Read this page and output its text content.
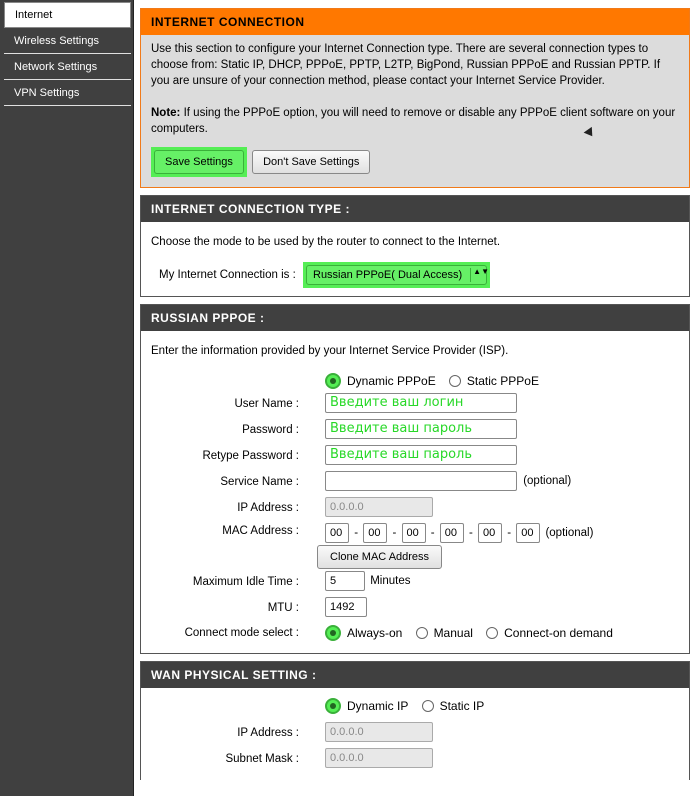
Internet
Wireless Settings
Network Settings
VPN Settings
INTERNET CONNECTION

Use this section to configure your Internet Connection type. There are several connection types to choose from: Static IP, DHCP, PPPoE, PPTP, L2TP, BigPond, Russian PPPoE and Russian PPTP. If you are unsure of your connection method, please contact your Internet Service Provider.

Note: If using the PPPoE option, you will need to remove or disable any PPPoE client software on your computers.

Save Settings	Don't Save Settings
INTERNET CONNECTION TYPE :

Choose the mode to be used by the router to connect to the Internet.

My Internet Connection is : Russian PPPoE( Dual Access)	▲▼
RUSSIAN PPPOE :

Enter the information provided by your Internet Service Provider (ISP).

Dynamic PPPoE	Static PPPoE
User Name :	Введите ваш логин
Password :	Введите ваш пароль
Retype Password :	Введите ваш пароль
Service Name :	(optional)
IP Address :	0.0.0.0
MAC Address :	00 - 00 - 00 - 00 - 00 - 00 (optional)
Clone MAC Address
Maximum Idle Time :	5	Minutes
MTU :	1492
Connect mode select :	Always-on	Manual	Connect-on demand
WAN PHYSICAL SETTING :
Dynamic IP	Static IP
IP Address :	0.0.0.0
Subnet Mask :	0.0.0.0
